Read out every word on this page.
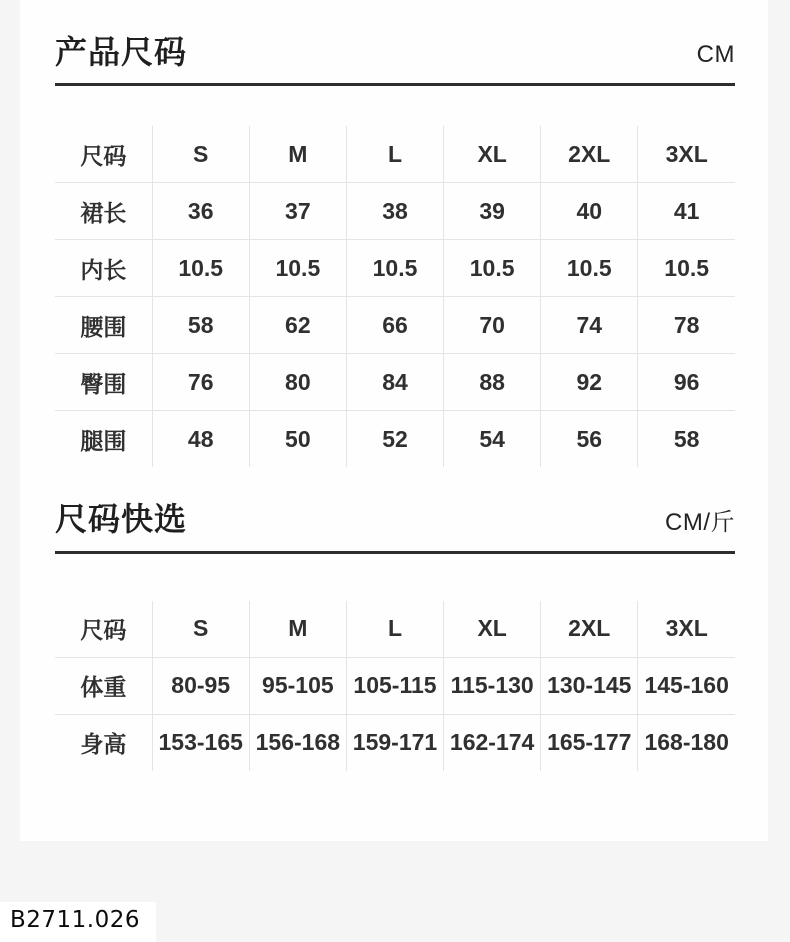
产品尺码	CM
尺码	S	M	L	XL	2XL	3XL
裙长	36	37	38	39	40	41
内长	10.5	10.5	10.5	10.5	10.5	10.5
腰围	58	62	66	70	74	78
臀围	76	80	84	88	92	96
腿围	48	50	52	54	56	58
尺码快选	CM/斤
尺码	S	M	L	XL	2XL	3XL
体重	80-95	95-105	105-115	115-130	130-145	145-160
身高	153-165	156-168	159-171	162-174	165-177	168-180
B2711.026
